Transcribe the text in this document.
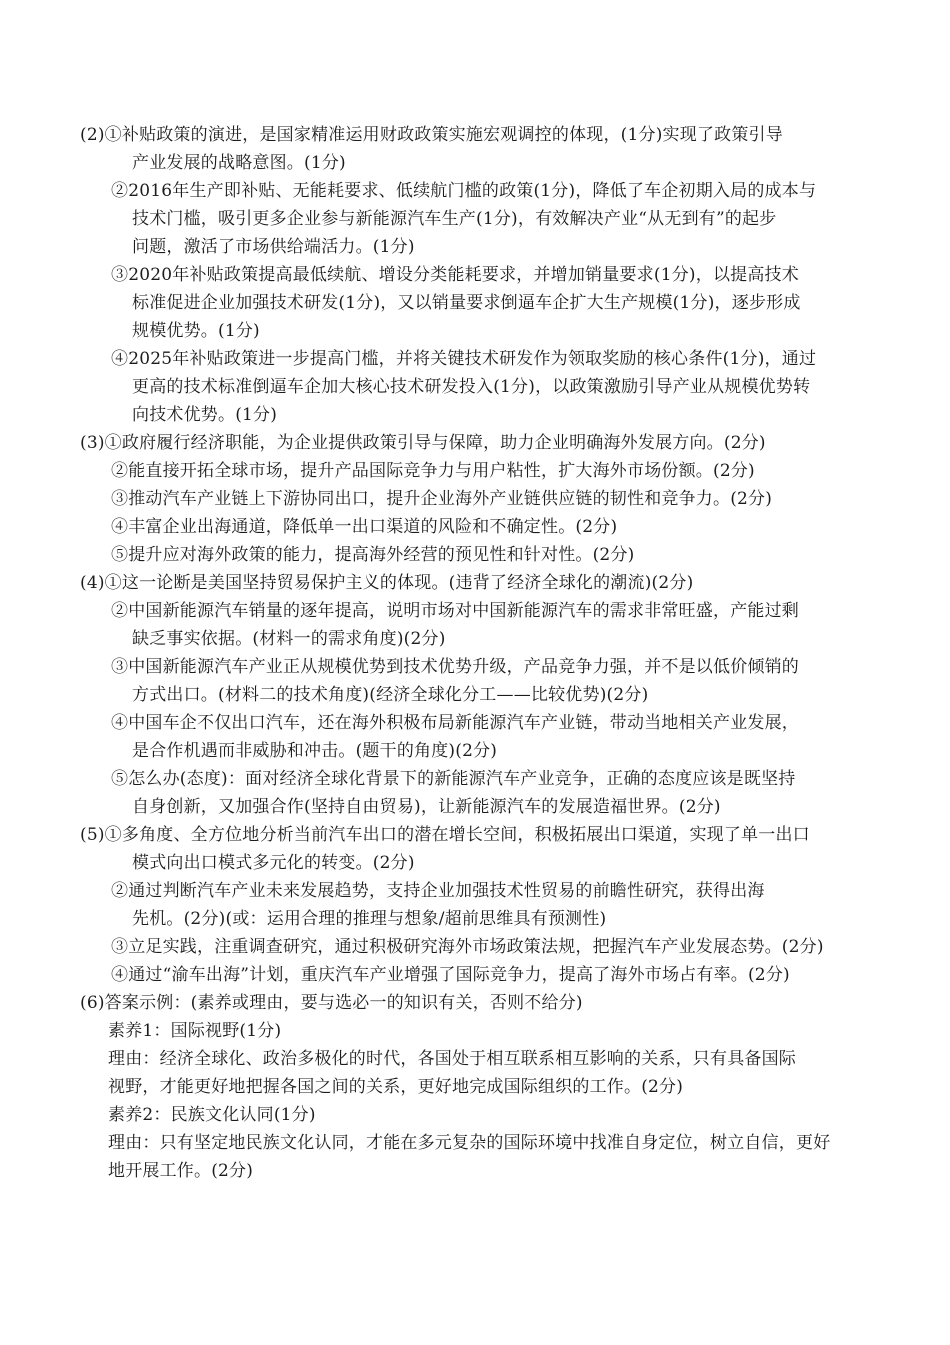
(2)①补贴政策的演进，是国家精准运用财政政策实施宏观调控的体现，(1分)实现了政策引导
产业发展的战略意图。(1分)
②2016年生产即补贴、无能耗要求、低续航门槛的政策(1分)，降低了车企初期入局的成本与
技术门槛，吸引更多企业参与新能源汽车生产(1分)，有效解决产业“从无到有”的起步
问题，激活了市场供给端活力。(1分)
③2020年补贴政策提高最低续航、增设分类能耗要求，并增加销量要求(1分)，以提高技术
标准促进企业加强技术研发(1分)，又以销量要求倒逼车企扩大生产规模(1分)，逐步形成
规模优势。(1分)
④2025年补贴政策进一步提高门槛，并将关键技术研发作为领取奖励的核心条件(1分)，通过
更高的技术标准倒逼车企加大核心技术研发投入(1分)，以政策激励引导产业从规模优势转
向技术优势。(1分)
(3)①政府履行经济职能，为企业提供政策引导与保障，助力企业明确海外发展方向。(2分)
②能直接开拓全球市场，提升产品国际竞争力与用户粘性，扩大海外市场份额。(2分)
③推动汽车产业链上下游协同出口，提升企业海外产业链供应链的韧性和竞争力。(2分)
④丰富企业出海通道，降低单一出口渠道的风险和不确定性。(2分)
⑤提升应对海外政策的能力，提高海外经营的预见性和针对性。(2分)
(4)①这一论断是美国坚持贸易保护主义的体现。(违背了经济全球化的潮流)(2分)
②中国新能源汽车销量的逐年提高，说明市场对中国新能源汽车的需求非常旺盛，产能过剩
缺乏事实依据。(材料一的需求角度)(2分)
③中国新能源汽车产业正从规模优势到技术优势升级，产品竞争力强，并不是以低价倾销的
方式出口。(材料二的技术角度)(经济全球化分工——比较优势)(2分)
④中国车企不仅出口汽车，还在海外积极布局新能源汽车产业链，带动当地相关产业发展，
是合作机遇而非威胁和冲击。(题干的角度)(2分)
⑤怎么办(态度)：面对经济全球化背景下的新能源汽车产业竞争，正确的态度应该是既坚持
自身创新，又加强合作(坚持自由贸易)，让新能源汽车的发展造福世界。(2分)
(5)①多角度、全方位地分析当前汽车出口的潜在增长空间，积极拓展出口渠道，实现了单一出口
模式向出口模式多元化的转变。(2分)
②通过判断汽车产业未来发展趋势，支持企业加强技术性贸易的前瞻性研究，获得出海
先机。(2分)(或：运用合理的推理与想象/超前思维具有预测性)
③立足实践，注重调查研究，通过积极研究海外市场政策法规，把握汽车产业发展态势。(2分)
④通过“渝车出海”计划，重庆汽车产业增强了国际竞争力，提高了海外市场占有率。(2分)
(6)答案示例：(素养或理由，要与选必一的知识有关，否则不给分)
素养1：国际视野(1分)
理由：经济全球化、政治多极化的时代，各国处于相互联系相互影响的关系，只有具备国际
视野，才能更好地把握各国之间的关系，更好地完成国际组织的工作。(2分)
素养2：民族文化认同(1分)
理由：只有坚定地民族文化认同，才能在多元复杂的国际环境中找准自身定位，树立自信，更好
地开展工作。(2分)
